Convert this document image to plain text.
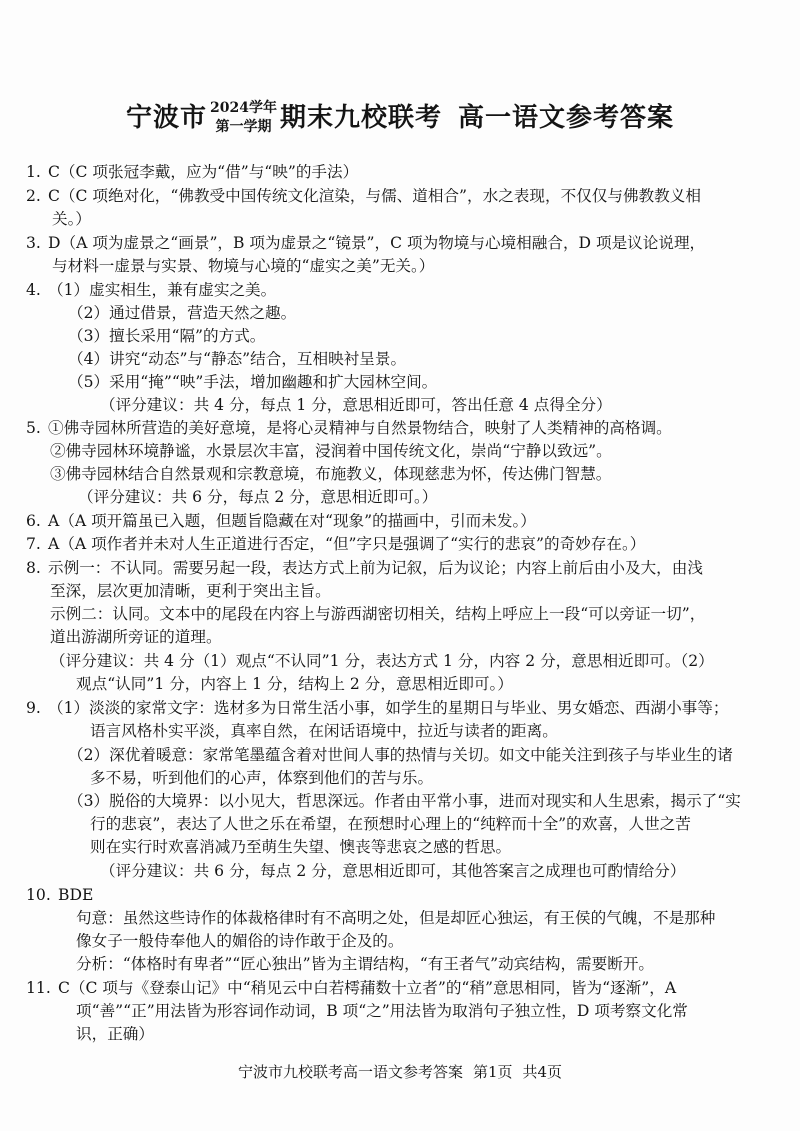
宁波市 2024学年
第一学期 期末九校联考 高一语文参考答案
1. C（C 项张冠李戴，应为“借”与“映”的手法）
2. C（C 项绝对化，“佛教受中国传统文化渲染，与儒、道相合”，水之表现，不仅仅与佛教教义相
关。）
3. D（A 项为虚景之“画景”，B 项为虚景之“镜景”，C 项为物境与心境相融合，D 项是议论说理，
与材料一虚景与实景、物境与心境的“虚实之美”无关。）
4. （1）虚实相生，兼有虚实之美。
（2）通过借景，营造天然之趣。
（3）擅长采用“隔”的方式。
（4）讲究“动态”与“静态”结合，互相映衬呈景。
（5）采用“掩”“映”手法，增加幽趣和扩大园林空间。
（评分建议：共 4 分，每点 1 分，意思相近即可，答出任意 4 点得全分）
5. ①佛寺园林所营造的美好意境，是将心灵精神与自然景物结合，映射了人类精神的高格调。
②佛寺园林环境静谧，水景层次丰富，浸润着中国传统文化，崇尚“宁静以致远”。
③佛寺园林结合自然景观和宗教意境，布施教义，体现慈悲为怀，传达佛门智慧。
（评分建议：共 6 分，每点 2 分，意思相近即可。）
6. A（A 项开篇虽已入题，但题旨隐藏在对“现象”的描画中，引而未发。）
7. A（A 项作者并未对人生正道进行否定，“但”字只是强调了“实行的悲哀”的奇妙存在。）
8. 示例一：不认同。需要另起一段，表达方式上前为记叙，后为议论；内容上前后由小及大，由浅
至深，层次更加清晰，更利于突出主旨。
示例二：认同。文本中的尾段在内容上与游西湖密切相关，结构上呼应上一段“可以旁证一切”，
道出游湖所旁证的道理。
（评分建议：共 4 分（1）观点“不认同”1 分，表达方式 1 分，内容 2 分，意思相近即可。（2）
观点“认同”1 分，内容上 1 分，结构上 2 分，意思相近即可。）
9. （1）淡淡的家常文字：选材多为日常生活小事，如学生的星期日与毕业、男女婚恋、西湖小事等；
语言风格朴实平淡，真率自然，在闲话语境中，拉近与读者的距离。
（2）深优着暖意：家常笔墨蕴含着对世间人事的热情与关切。如文中能关注到孩子与毕业生的诸
多不易，听到他们的心声，体察到他们的苦与乐。
（3）脱俗的大境界：以小见大，哲思深远。作者由平常小事，进而对现实和人生思索，揭示了“实
行的悲哀”，表达了人世之乐在希望，在预想时心理上的“纯粹而十全”的欢喜，人世之苦
则在实行时欢喜消减乃至萌生失望、懊丧等悲哀之感的哲思。
（评分建议：共 6 分，每点 2 分，意思相近即可，其他答案言之成理也可酌情给分）
10. BDE
句意：虽然这些诗作的体裁格律时有不高明之处，但是却匠心独运，有王侯的气魄，不是那种
像女子一般侍奉他人的媚俗的诗作敢于企及的。
分析：“体格时有卑者”“匠心独出”皆为主谓结构，“有王者气”动宾结构，需要断开。
11. C（C 项与《登泰山记》中“稍见云中白若樗蒱数十立者”的“稍”意思相同，皆为“逐渐”，A
项“善”“正”用法皆为形容词作动词，B 项“之”用法皆为取消句子独立性，D 项考察文化常
识，正确）
宁波市九校联考高一语文参考答案 第1页 共4页
